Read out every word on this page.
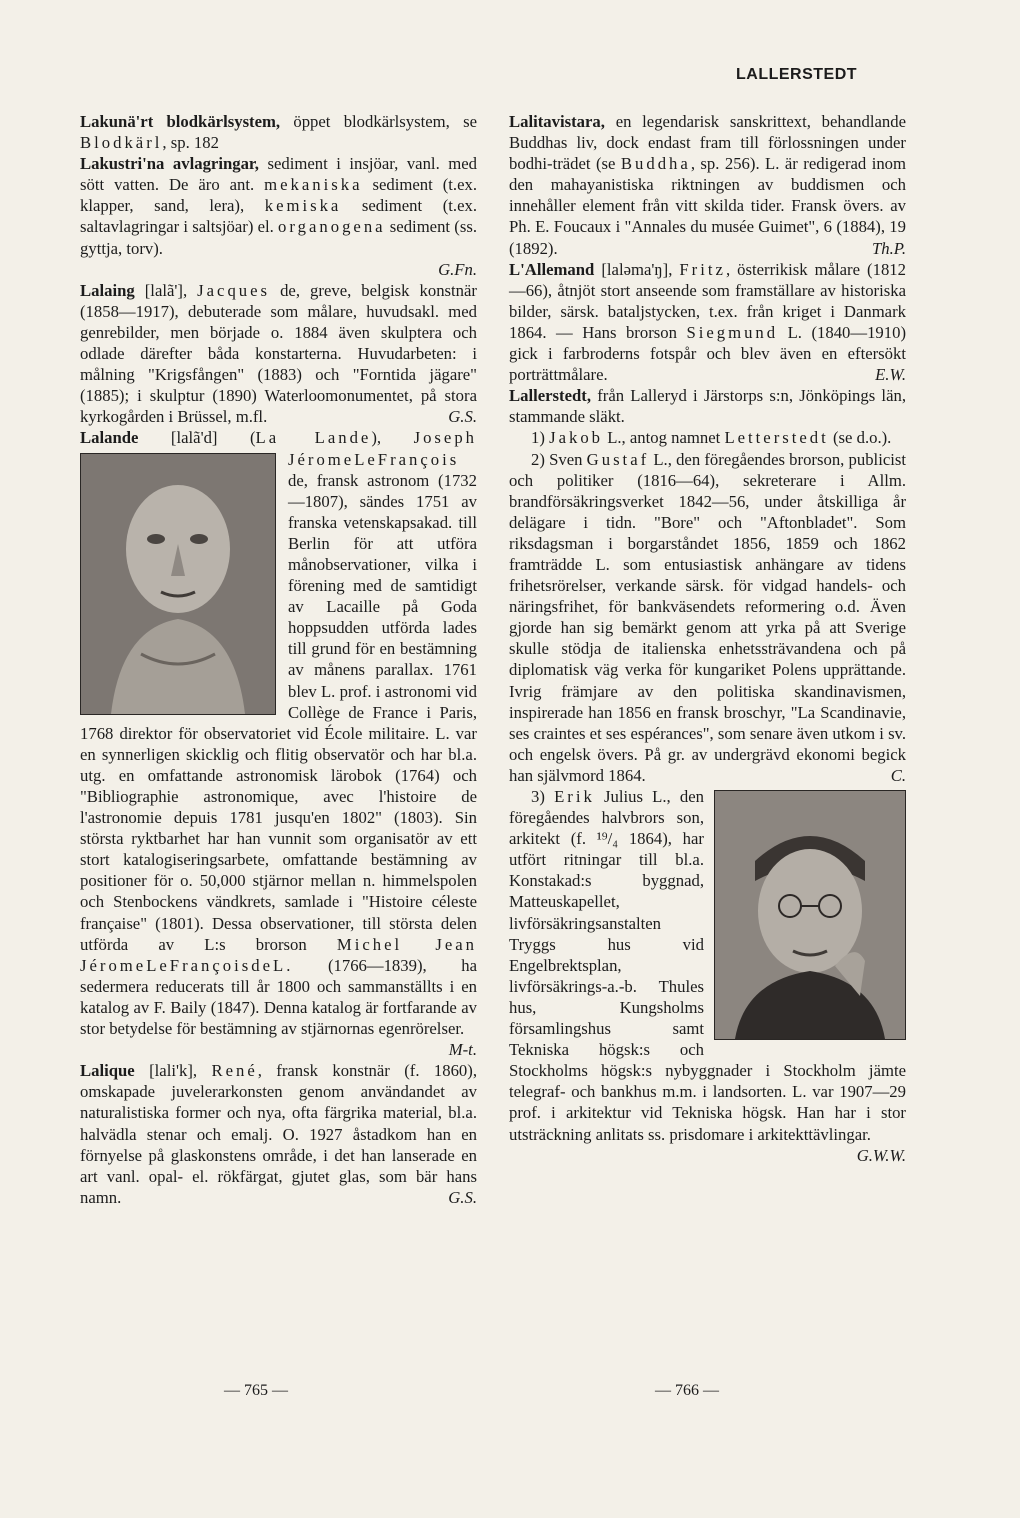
LALLERSTEDT

Lakunä'rt blodkärlsystem, öppet blodkärlsystem, se Blodkärl, sp. 182

Lakustri'na avlagringar, sediment i insjöar, vanl. med sött vatten. De äro ant. mekaniska sediment (t.ex. klapper, sand, lera), kemiska sediment (t.ex. saltavlagringar i saltsjöar) el. organogena sediment (ss. gyttja, torv).

G.Fn.

Lalaing [lalã'], Jacques de, greve, belgisk konstnär (1858—1917), debuterade som målare, huvudsakl. med genrebilder, men började o. 1884 även skulptera och odlade därefter båda konstarterna. Huvudarbeten: i målning "Krigsfången" (1883) och "Forntida jägare" (1885); i skulptur (1890) Waterloomonumentet, på stora kyrkogården i Brüssel, m.fl.	G.S.

Lalande [lalã'd] (La Lande), Joseph JéromeLeFrançois
de, fransk astronom (1732—1807), sändes 1751 av franska vetenskapsakad. till Berlin för att utföra månobservationer, vilka i förening med de samtidigt av Lacaille på Goda hoppsudden utförda lades till grund för en bestämning av månens parallax. 1761 blev L. prof. i astronomi vid Collège de France i Paris, 1768 direktor för observatoriet vid École militaire. L. var en synnerligen skicklig och flitig observatör och har bl.a. utg. en omfattande astronomisk lärobok (1764) och "Bibliographie astronomique, avec l'histoire de l'astronomie depuis 1781 jusqu'en 1802" (1803). Sin största ryktbarhet har han vunnit som organisatör av ett stort katalogiseringsarbete, omfattande bestämning av positioner för o. 50,000 stjärnor mellan n. himmelspolen och Stenbockens vändkrets, samlade i "Histoire céleste française" (1801). Dessa observationer, till största delen utförda av L:s brorson Michel Jean JéromeLeFrançoisdeL. (1766—1839), ha sedermera reducerats till år 1800 och sammanställts i en katalog av F. Baily (1847). Denna katalog är fortfarande av stor betydelse för bestämning av stjärnornas egenrörelser.
M-t.

Lalique [lali'k], René, fransk konstnär (f. 1860), omskapade juvelerarkonsten genom användandet av naturalistiska former och nya, ofta färgrika material, bl.a. halvädla stenar och emalj. O. 1927 åstadkom han en förnyelse på glaskonstens område, i det han lanserade en art vanl. opal- el. rökfärgat, gjutet glas, som bär hans namn.	G.S.

Lalitavistara, en legendarisk sanskrittext, behandlande Buddhas liv, dock endast fram till förlossningen under bodhi-trädet (se Buddha, sp. 256). L. är redigerad inom den mahayanistiska riktningen av buddismen och innehåller element från vitt skilda tider. Fransk övers. av Ph. E. Foucaux i "Annales du musée Guimet", 6 (1884), 19 (1892).	Th.P.

L'Allemand [lalәma'ŋ], Fritz, österrikisk målare (1812—66), åtnjöt stort anseende som framställare av historiska bilder, särsk. bataljstycken, t.ex. från kriget i Danmark 1864. — Hans brorson Siegmund L. (1840—1910) gick i farbroderns fotspår och blev även en eftersökt porträttmålare.	E.W.

Lallerstedt, från Lalleryd i Järstorps s:n, Jönköpings län, stammande släkt.

1) Jakob L., antog namnet Letterstedt (se d.o.).

2) Sven Gustaf L., den föregåendes brorson, publicist och politiker (1816—64), sekreterare i Allm. brandförsäkringsverket 1842—56, under åtskilliga år delägare i tidn. "Bore" och "Aftonbladet". Som riksdagsman i borgarståndet 1856, 1859 och 1862 framträdde L. som entusiastisk anhängare av tidens frihetsrörelser, verkande särsk. för vidgad handels- och näringsfrihet, för bankväsendets reformering o.d. Även gjorde han sig bemärkt genom att yrka på att Sverige skulle stödja de italienska enhetssträvandena och på diplomatisk väg verka för kungariket Polens upprättande. Ivrig främjare av den politiska skandinavismen, inspirerade han 1856 en fransk broschyr, "La Scandinavie, ses craintes et ses espérances", som senare även utkom i sv. och engelsk övers. På gr. av undergrävd ekonomi begick han självmord 1864.	C.

3) Erik Julius L., den föregåendes halvbrors son, arkitekt (f. ¹⁹/₄ 1864), har utfört ritningar till bl.a. Konstakad:s byggnad, Matteuskapellet, livförsäkringsanstalten Tryggs hus vid Engelbrektsplan, livförsäkrings-a.-b. Thules hus, Kungsholms församlingshus samt Tekniska högsk:s och Stockholms högsk:s nybyggnader i Stockholm jämte telegraf- och bankhus m.m. i landsorten. L. var 1907—29 prof. i arkitektur vid Tekniska högsk. Han har i stor utsträckning anlitats ss. prisdomare i arkitekttävlingar.
G.W.W.

— 765 —	— 766 —
